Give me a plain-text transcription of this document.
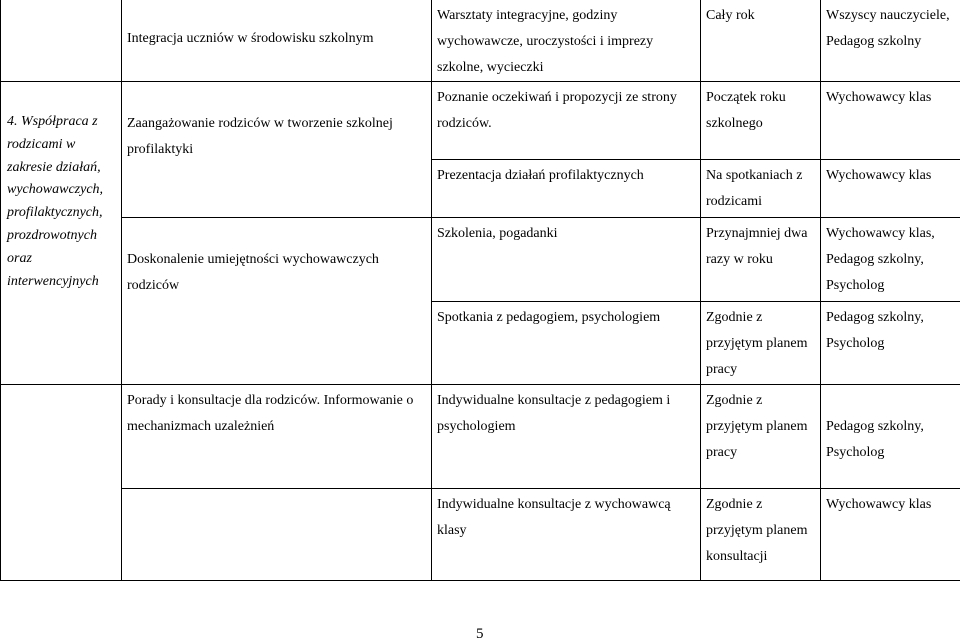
	Integracja uczniów w środowisku szkolnym	Warsztaty integracyjne, godziny wychowawcze, uroczystości i imprezy szkolne, wycieczki	Cały rok	Wszyscy nauczyciele, Pedagog szkolny

4. Współpraca z rodzicami w zakresie działań, wychowawczych, profilaktycznych, prozdrowotnych oraz interwencyjnych	Zaangażowanie rodziców w tworzenie szkolnej profilaktyki	Poznanie oczekiwań i propozycji ze strony rodziców.	Początek roku szkolnego	Wychowawcy klas
		Prezentacja działań profilaktycznych	Na spotkaniach z rodzicami	Wychowawcy klas

	Doskonalenie umiejętności wychowawczych rodziców	Szkolenia, pogadanki	Przynajmniej dwa razy w roku	Wychowawcy klas, Pedagog szkolny, Psycholog
		Spotkania z pedagogiem, psychologiem	Zgodnie z przyjętym planem pracy	Pedagog szkolny, Psycholog
	Porady i konsultacje dla rodziców. Informowanie o mechanizmach uzależnień	Indywidualne konsultacje z pedagogiem i psychologiem	Zgodnie z przyjętym planem pracy	Pedagog szkolny, Psycholog

		Indywidualne konsultacje z wychowawcą klasy	Zgodnie z przyjętym planem konsultacji	Wychowawcy klas
5
